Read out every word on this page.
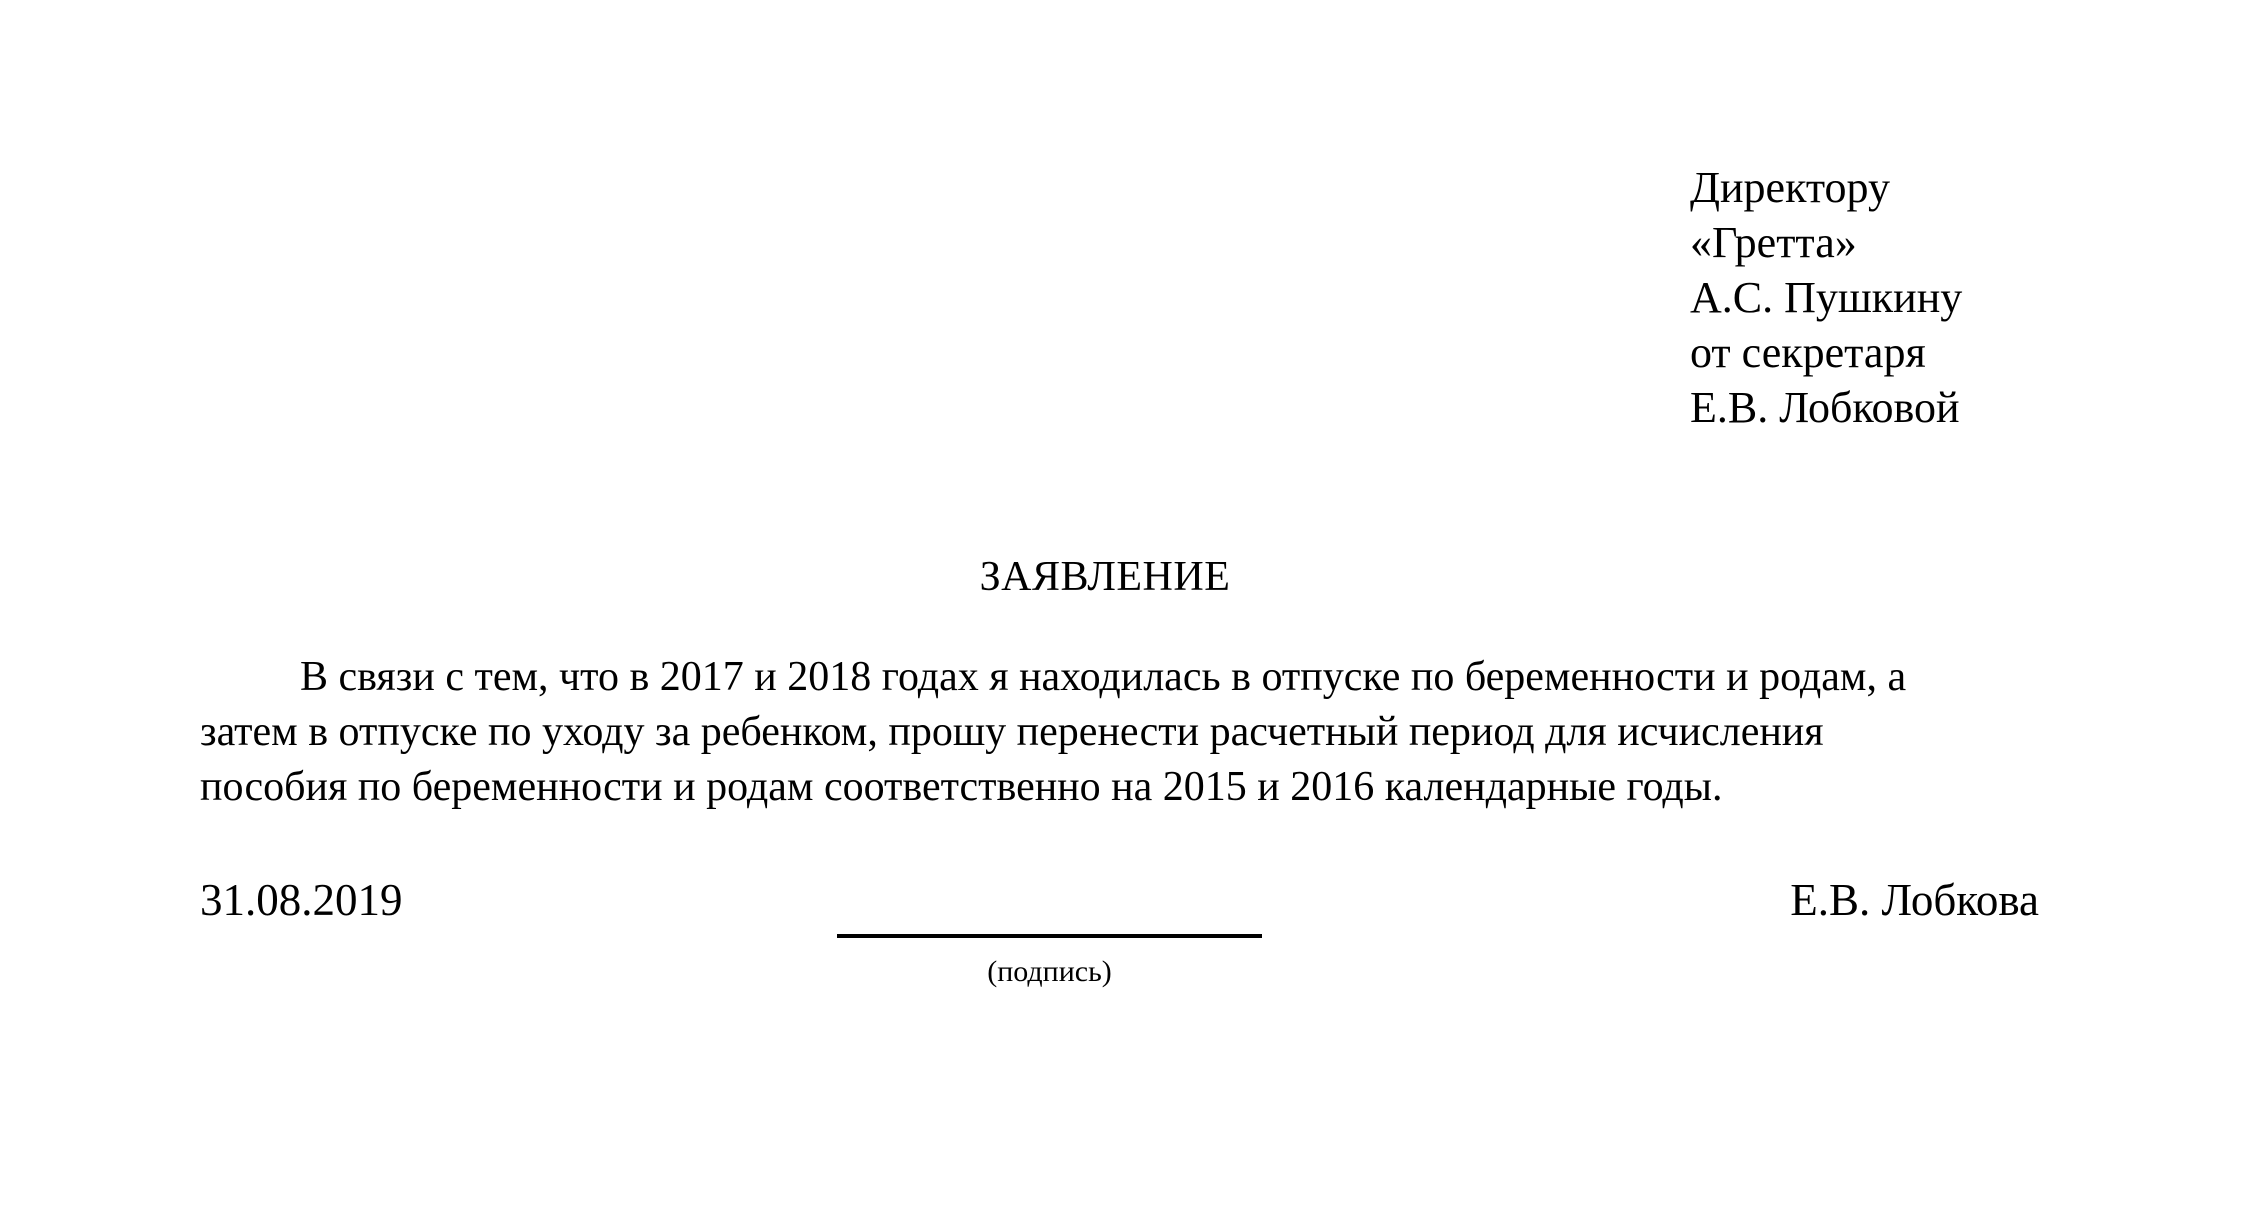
Директору
«Гретта»
А.С. Пушкину
от секретаря
Е.В. Лобковой
ЗАЯВЛЕНИЕ
В связи с тем, что в 2017 и 2018 годах я находилась в отпуске по беременности и родам, а
затем в отпуске по уходу за ребенком, прошу перенести расчетный период для исчисления
пособия по беременности и родам соответственно на 2015 и 2016 календарные годы.
31.08.2019
(подпись)
Е.В. Лобкова
